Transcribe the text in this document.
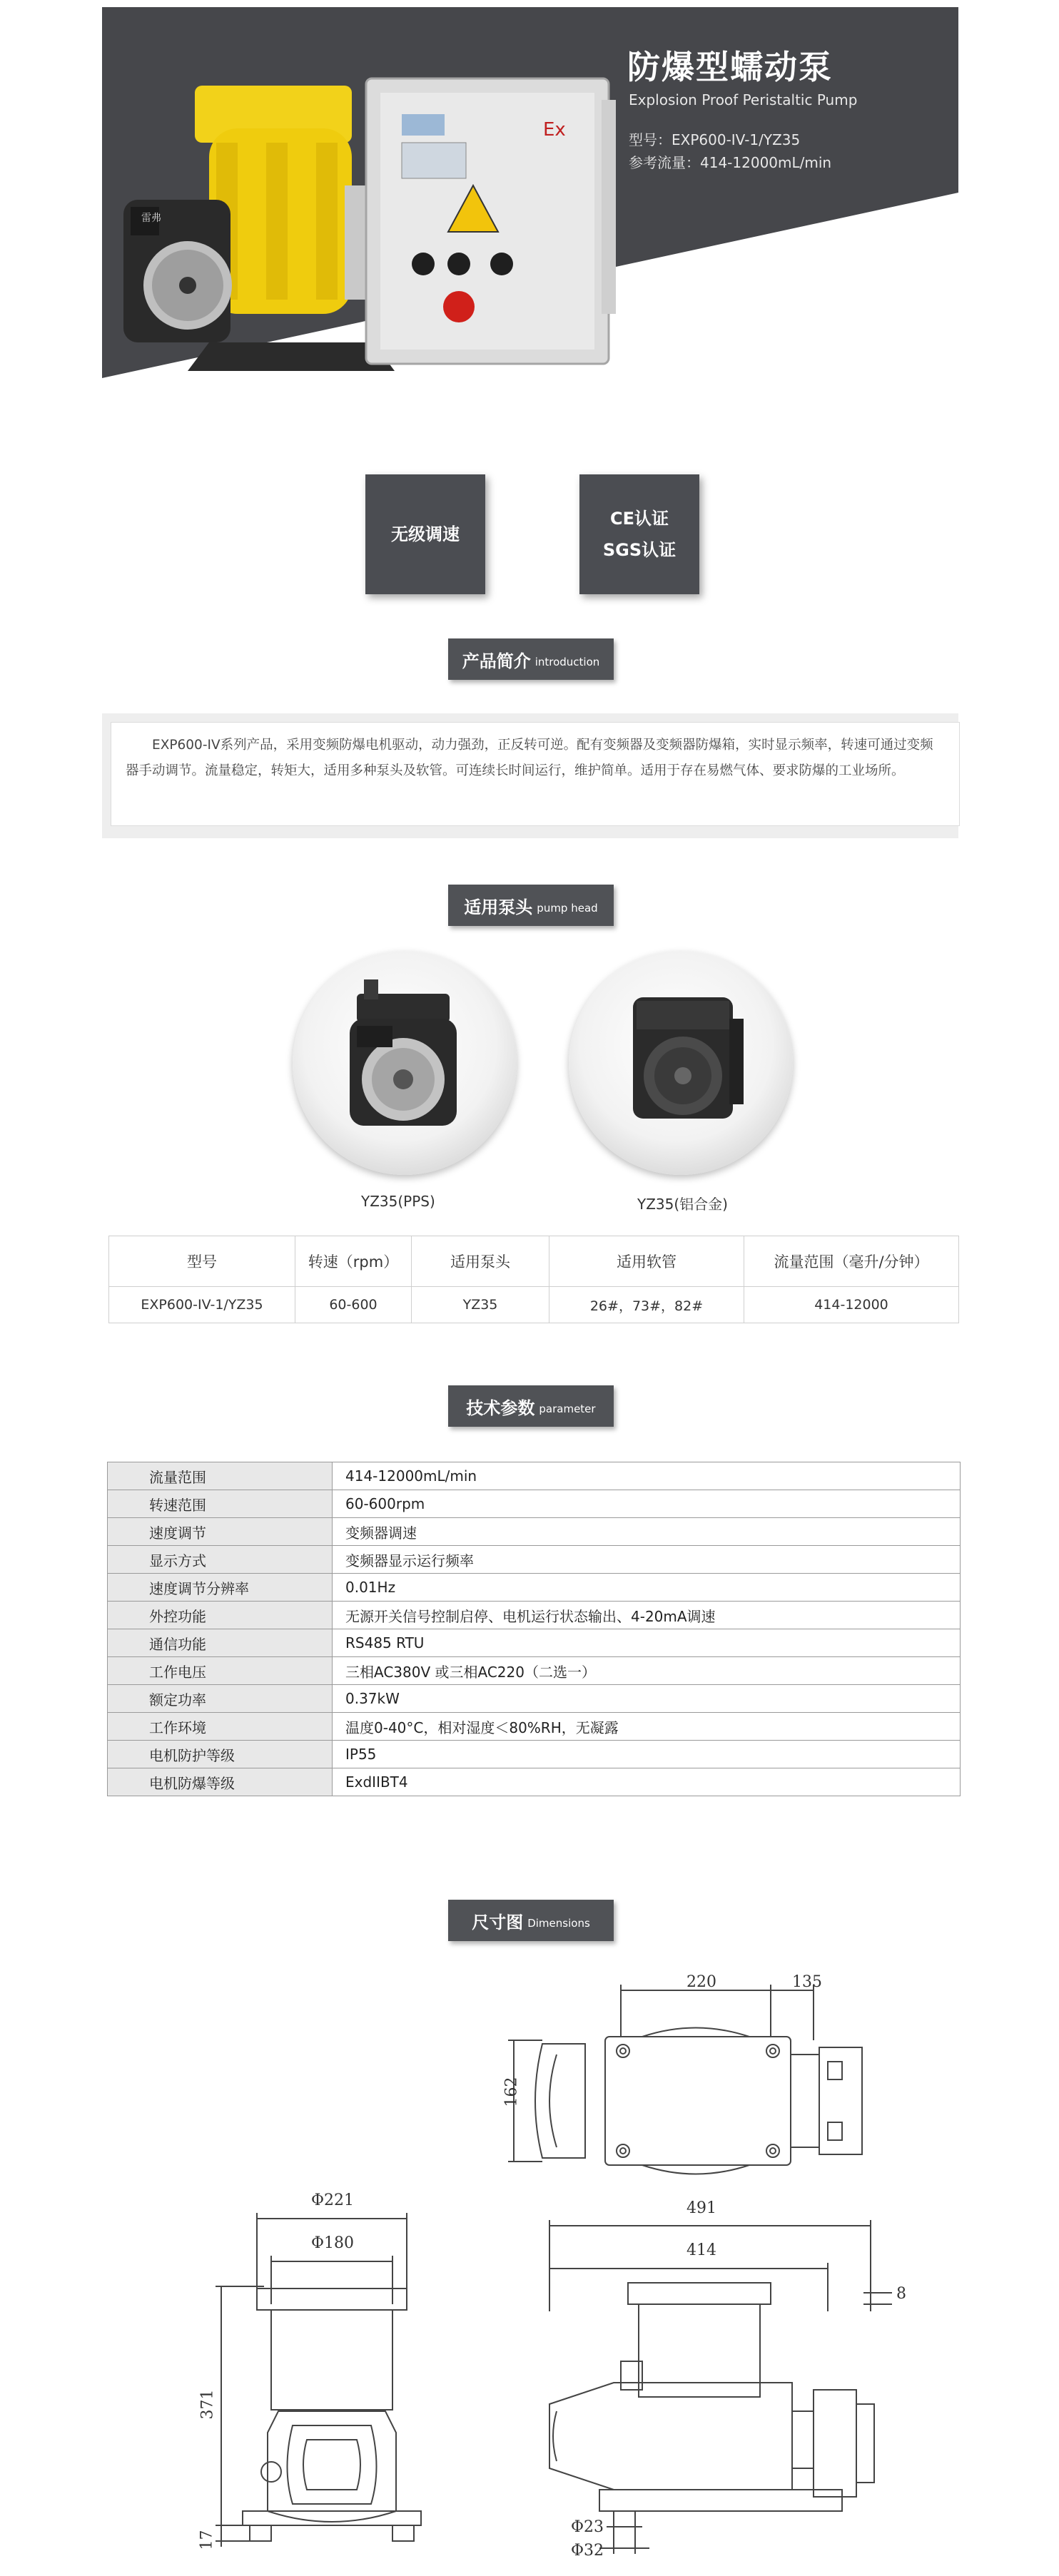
Ex
雷弗
防爆型蠕动泵
Explosion Proof Peristaltic Pump
型号：EXP600-IV-1/YZ35
参考流量：414-12000mL/min
无级调速
CE认证
SGS认证
产品简介 introduction
EXP600-IV系列产品，采用变频防爆电机驱动，动力强劲，正反转可逆。配有变频器及变频器防爆箱，实时显示频率，转速可通过变频器手动调节。流量稳定，转矩大，适用多种泵头及软管。可连续长时间运行，维护简单。适用于存在易燃气体、要求防爆的工业场所。
适用泵头 pump head
YZ35(PPS)	YZ35(铝合金)
型号	转速（rpm）	适用泵头	适用软管	流量范围（毫升/分钟）
EXP600-IV-1/YZ35	60-600	YZ35	26#，73#，82#	414-12000
技术参数 parameter
流量范围	414-12000mL/min
转速范围	60-600rpm
速度调节	变频器调速
显示方式	变频器显示运行频率
速度调节分辨率	0.01Hz
外控功能	无源开关信号控制启停、电机运行状态输出、4-20mA调速
通信功能	RS485 RTU
工作电压	三相AC380V 或三相AC220（二选一）
额定功率	0.37kW
工作环境	温度0-40°C，相对湿度＜80%RH，无凝露
电机防护等级	IP55
电机防爆等级	ExdIIBT4
尺寸图 Dimensions
220	135
162
Φ221
Φ180
371
17
491
414
8
Φ23
Φ32
